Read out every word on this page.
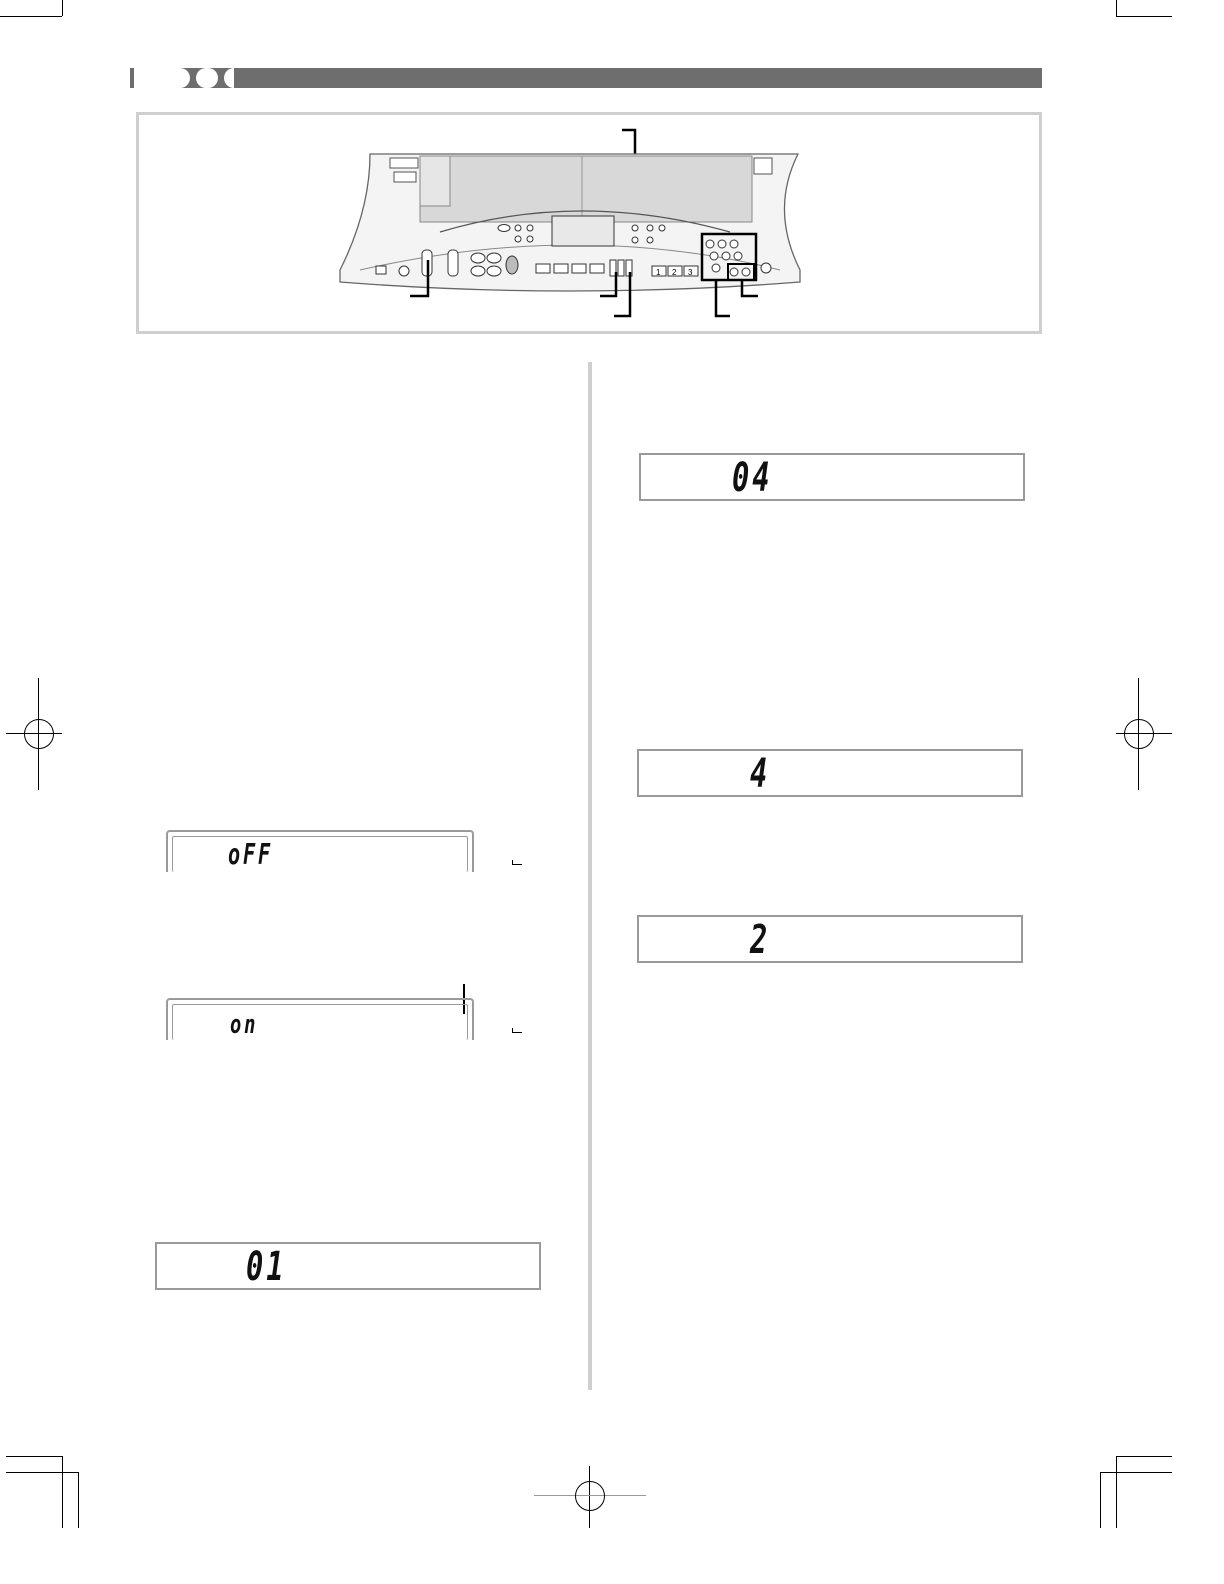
1 2 3
oFF
on
01
04
4
2
